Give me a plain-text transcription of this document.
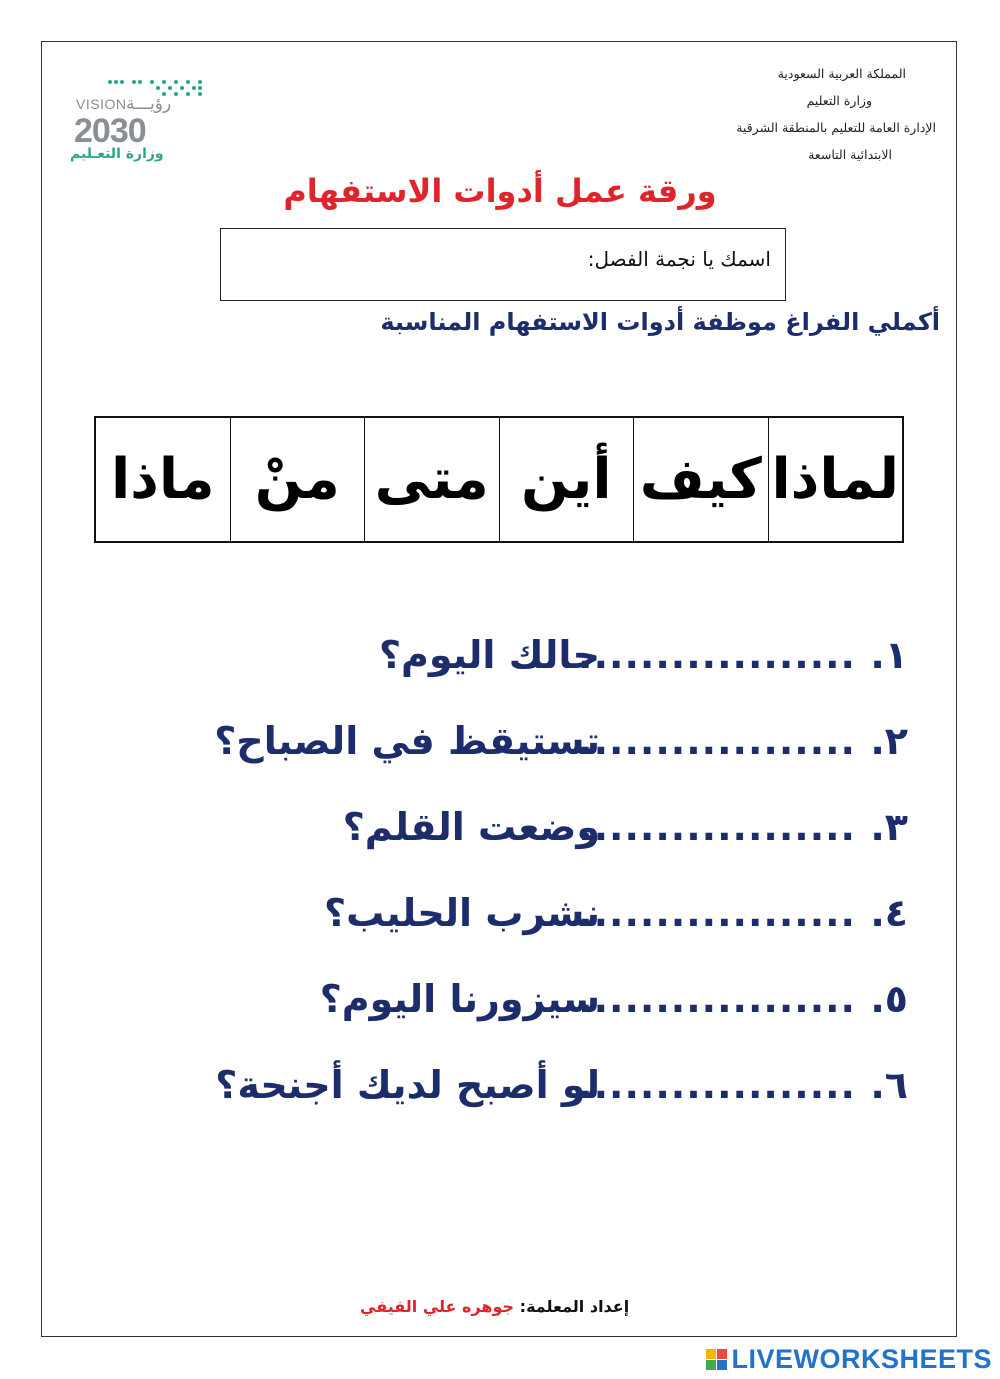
المملكة العربية السعودية
وزارة التعليم
الإدارة العامة للتعليم بالمنطقة الشرقية
الابتدائية التاسعة
VISION رؤيـــة
2030
وزارة التعـليم
ورقة عمل أدوات الاستفهام
اسمك يا نجمة الفصل:
أكملي الفراغ موظفة أدوات الاستفهام المناسبة
لماذا
كيف
أين
متى
منْ
ماذا
١.
..................
حالك اليوم؟
٢.
..................
تستيقظ في الصباح؟
٣.
..................
وضعت القلم؟
٤.
..................
نشرب الحليب؟
٥.
..................
سيزورنا اليوم؟
٦.
..................
لو أصبح لديك أجنحة؟
إعداد المعلمة: جوهره علي الفيفي
LIVEWORKSHEETS
